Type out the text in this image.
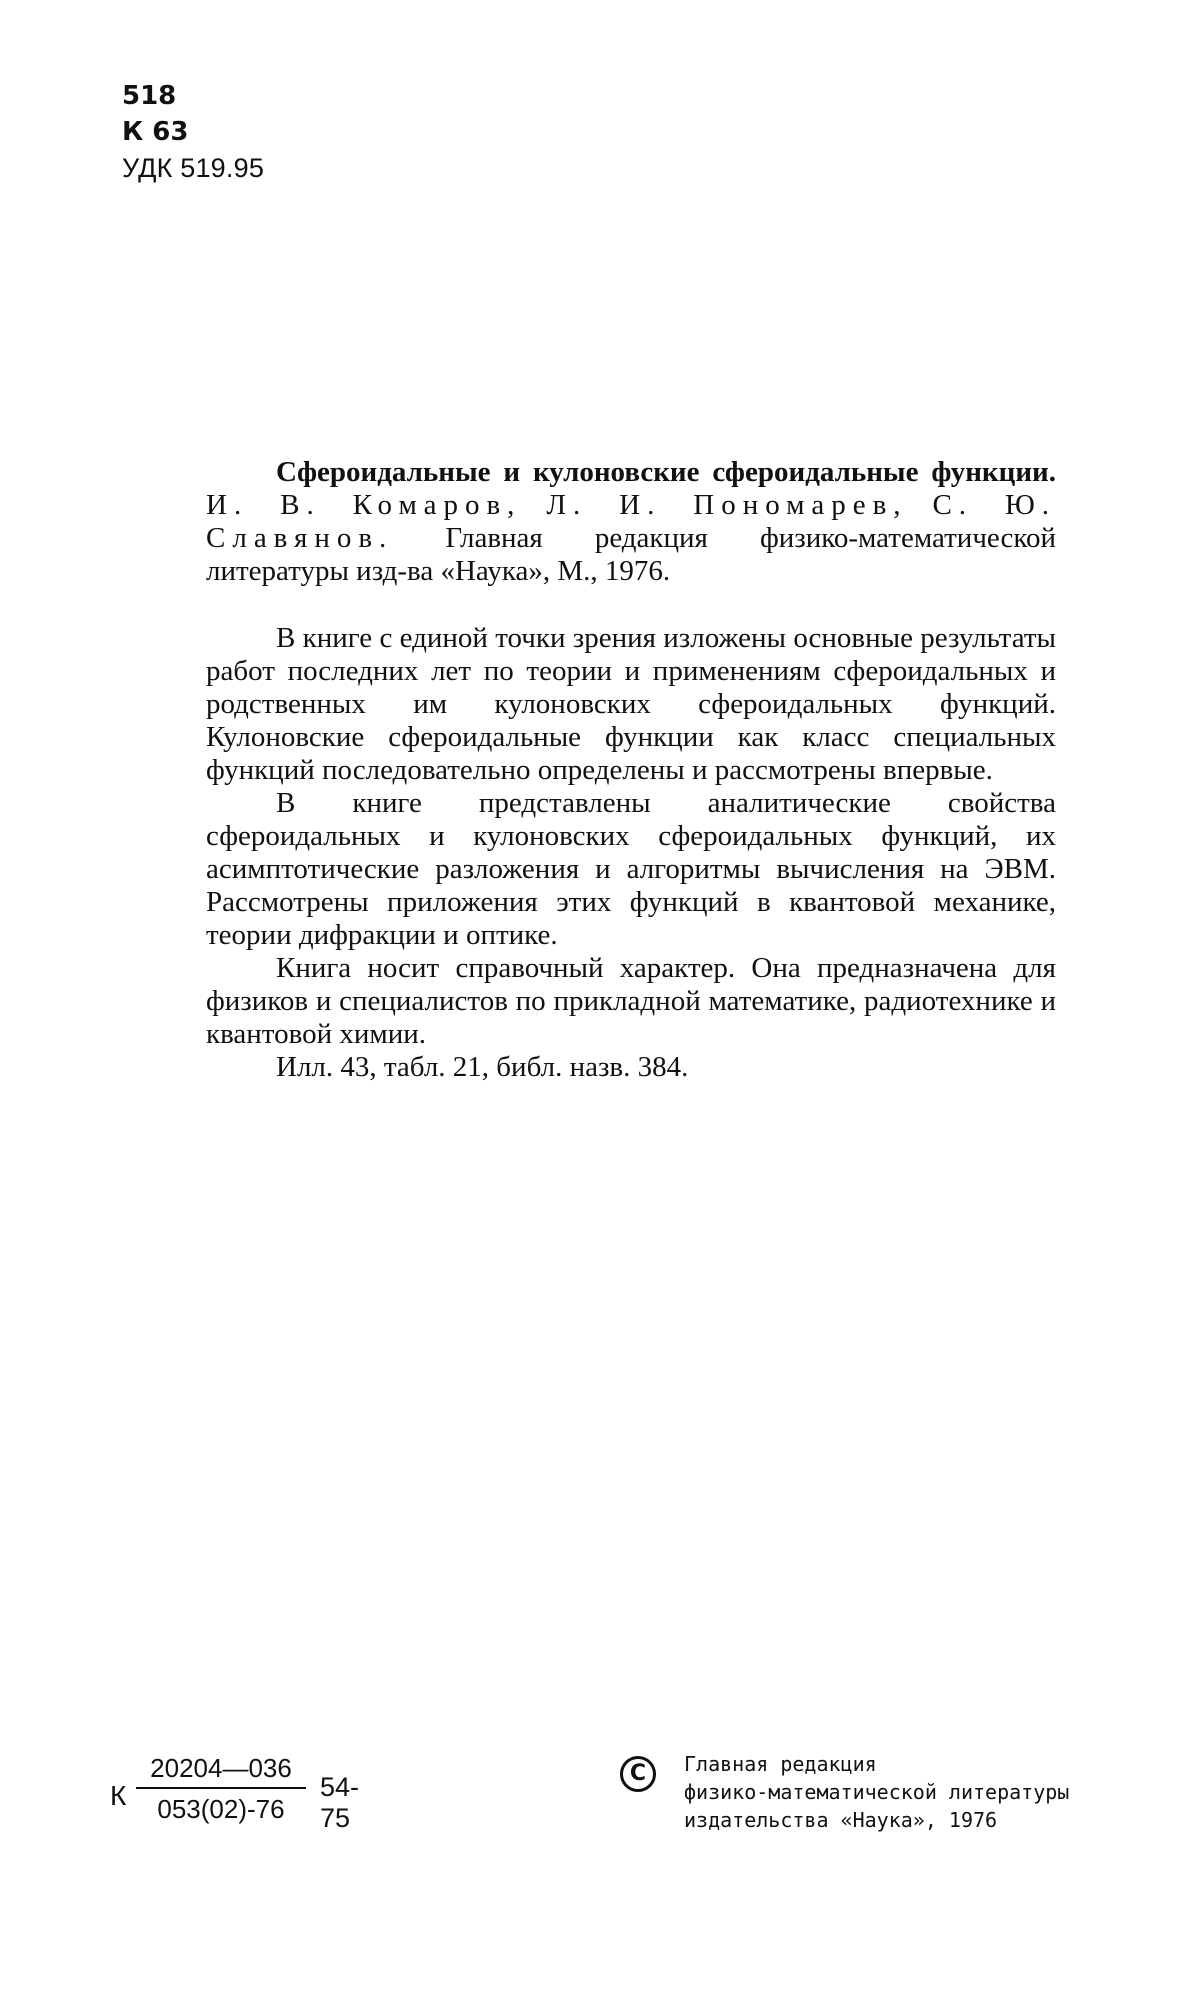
518
К 63
УДК 519.95

Сфероидальные и кулоновские сфероидальные функции. И. В. Комаров, Л. И. Пономарев, С. Ю. Славянов. Главная редакция физико-математической литературы изд-ва «Наука», М., 1976.

В книге с единой точки зрения изложены основные результаты работ последних лет по теории и применениям сфероидальных и родственных им кулоновских сфероидальных функций. Кулоновские сфероидальные функции как класс специальных функций последовательно определены и рассмотрены впервые.

В книге представлены аналитические свойства сфероидальных и кулоновских сфероидальных функций, их асимптотические разложения и алгоритмы вычисления на ЭВМ. Рассмотрены приложения этих функций в квантовой механике, теории дифракции и оптике.

Книга носит справочный характер. Она предназначена для физиков и специалистов по прикладной математике, радиотехнике и квантовой химии.

Илл. 43, табл. 21, библ. назв. 384.

К
20204—036
053(02)-76
54-75
C Главная редакция
физико-математической литературы
издательства «Наука», 1976
